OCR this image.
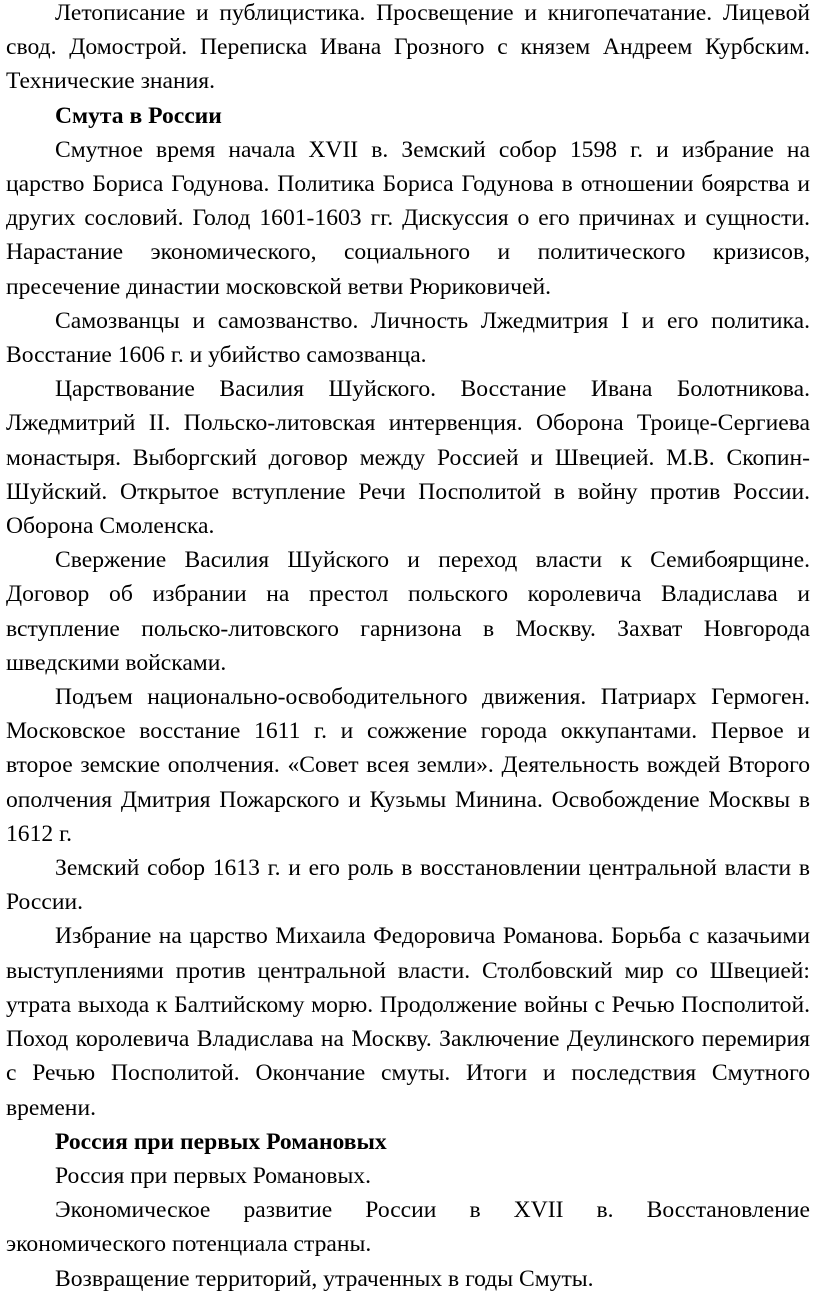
Летописание и публицистика. Просвещение и книгопечатание. Лицевой свод. Домострой. Переписка Ивана Грозного с князем Андреем Курбским. Технические знания.

Смута в России

Смутное время начала XVII в. Земский собор 1598 г. и избрание на царство Бориса Годунова. Политика Бориса Годунова в отношении боярства и других сословий. Голод 1601-1603 гг. Дискуссия о его причинах и сущности. Нарастание экономического, социального и политического кризисов, пресечение династии московской ветви Рюриковичей.

Самозванцы и самозванство. Личность Лжедмитрия I и его политика. Восстание 1606 г. и убийство самозванца.

Царствование Василия Шуйского. Восстание Ивана Болотникова. Лжедмитрий II. Польско-литовская интервенция. Оборона Троице-Сергиева монастыря. Выборгский договор между Россией и Швецией. М.В. Скопин-Шуйский. Открытое вступление Речи Посполитой в войну против России. Оборона Смоленска.

Свержение Василия Шуйского и переход власти к Семибоярщине. Договор об избрании на престол польского королевича Владислава и вступление польско-литовского гарнизона в Москву. Захват Новгорода шведскими войсками.

Подъем национально-освободительного движения. Патриарх Гермоген. Московское восстание 1611 г. и сожжение города оккупантами. Первое и второе земские ополчения. «Совет всея земли». Деятельность вождей Второго ополчения Дмитрия Пожарского и Кузьмы Минина. Освобождение Москвы в 1612 г.

Земский собор 1613 г. и его роль в восстановлении центральной власти в России.

Избрание на царство Михаила Федоровича Романова. Борьба с казачьими выступлениями против центральной власти. Столбовский мир со Швецией: утрата выхода к Балтийскому морю. Продолжение войны с Речью Посполитой. Поход королевича Владислава на Москву. Заключение Деулинского перемирия с Речью Посполитой. Окончание смуты. Итоги и последствия Смутного времени.

Россия при первых Романовых

Россия при первых Романовых.

Экономическое развитие России в XVII в. Восстановление экономического потенциала страны.

Возвращение территорий, утраченных в годы Смуты.
